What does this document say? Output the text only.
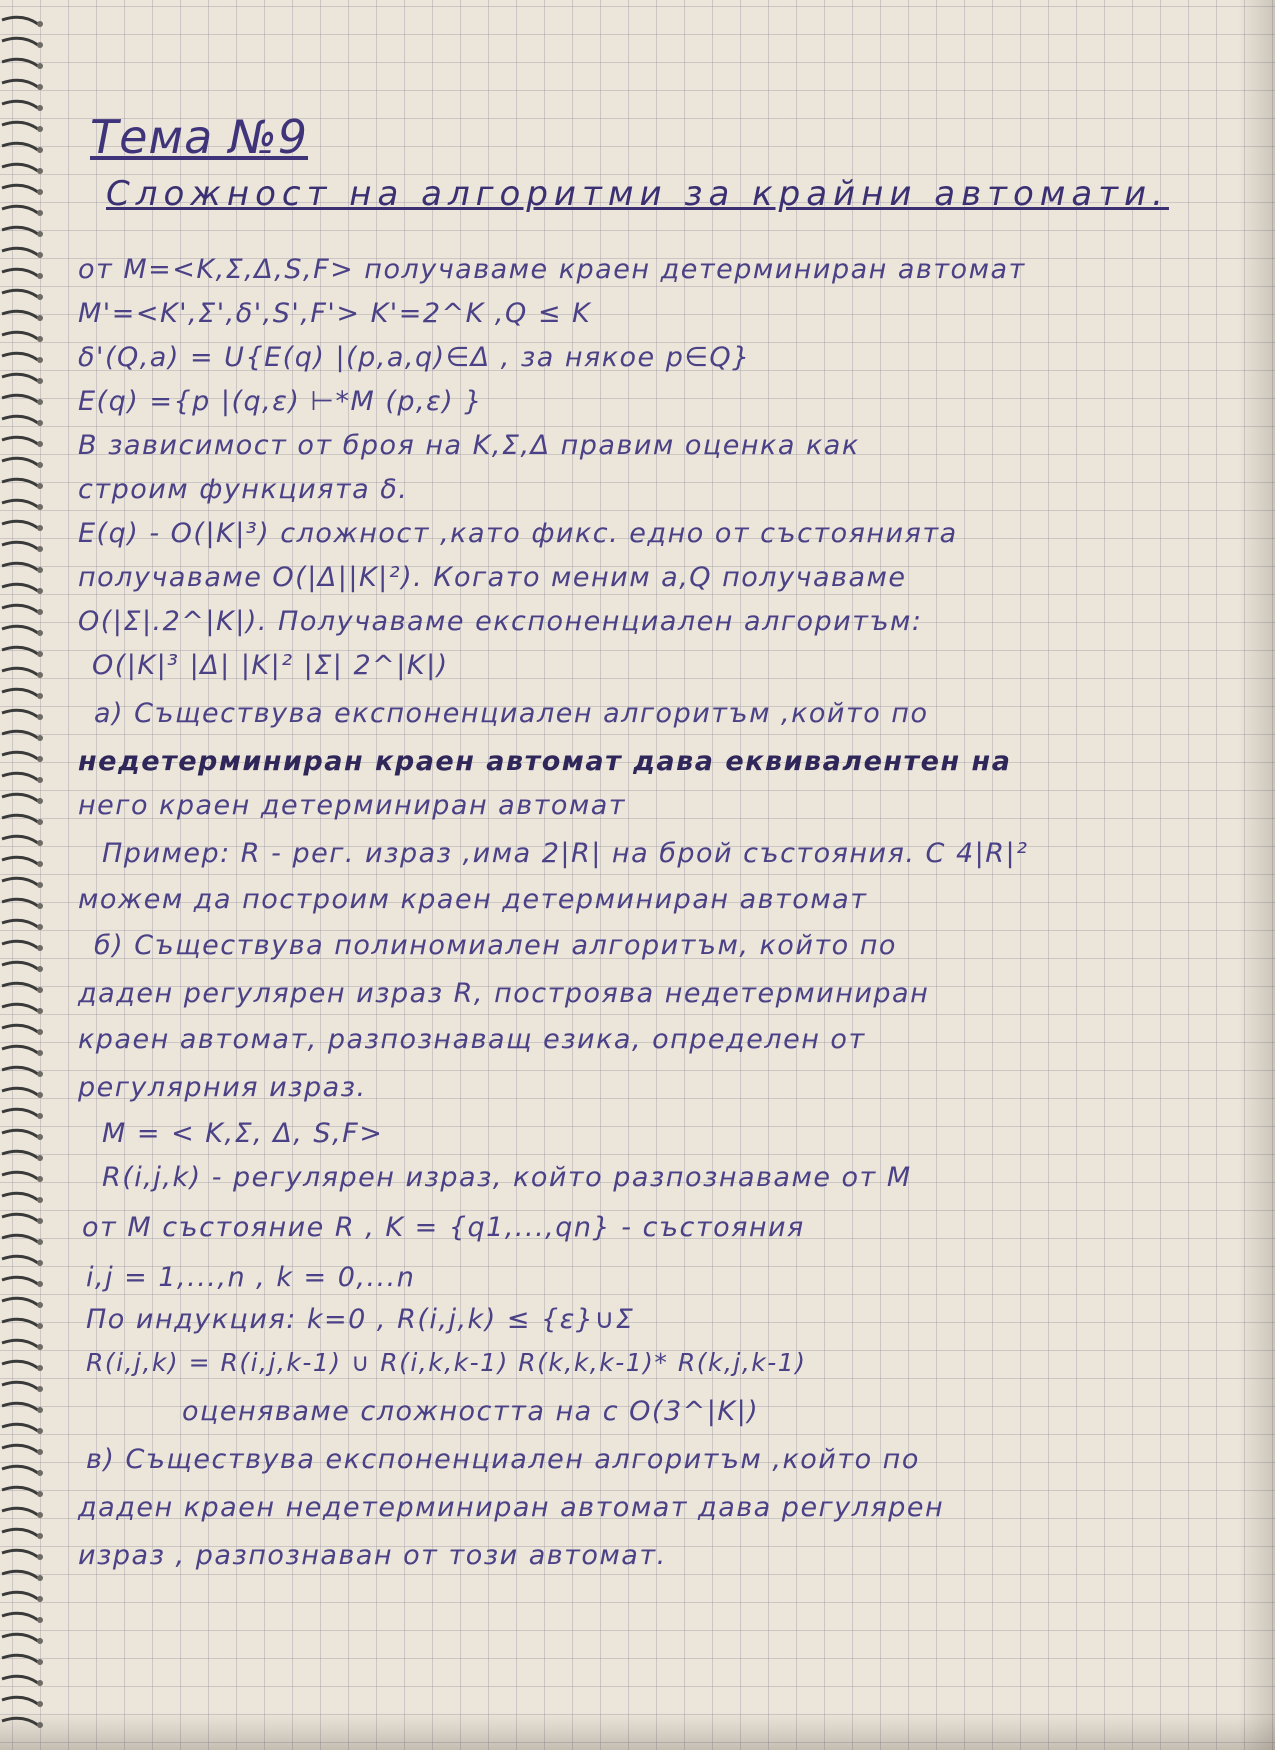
Тема №9
Сложност на алгоритми за крайни автомати.
от M=<K,Σ,Δ,S,F> получаваме краен детерминиран автомат
M'=<K',Σ',δ',S',F'> K'=2^K ,Q ≤ K
δ'(Q,a) = U{E(q) |(p,a,q)∈Δ , за някое p∈Q}
E(q) ={p |(q,ε) ⊢*M (p,ε) }
В зависимост от броя на K,Σ,Δ правим оценка как
строим функцията δ.
E(q) - O(|K|³) сложност ,като фикс. едно от състоянията
получаваме O(|Δ||K|²). Когато меним a,Q получаваме
O(|Σ|.2^|K|). Получаваме експоненциален алгоритъм:
O(|K|³ |Δ| |K|² |Σ| 2^|K|)
а) Съществува експоненциален алгоритъм ,който по
недетерминиран краен автомат дава еквивалентен на
него краен детерминиран автомат
Пример: R - рег. израз ,има 2|R| на брой състояния. С 4|R|²
можем да построим краен детерминиран автомат
б) Съществува полиномиален алгоритъм, който по
даден регулярен израз R, построява недетерминиран
краен автомат, разпознаващ езика, определен от
регулярния израз.
M = < K,Σ, Δ, S,F>
R(i,j,k) - регулярен израз, който разпознаваме от M
от M състояние R , K = {q1,...,qn} - състояния
i,j = 1,...,n , k = 0,...n
По индукция: k=0 , R(i,j,k) ≤ {ε}∪Σ
R(i,j,k) = R(i,j,k-1) ∪ R(i,k,k-1) R(k,k,k-1)* R(k,j,k-1)
оценяваме сложността на с O(3^|K|)
в) Съществува експоненциален алгоритъм ,който по
даден краен недетерминиран автомат дава регулярен
израз , разпознаван от този автомат.
